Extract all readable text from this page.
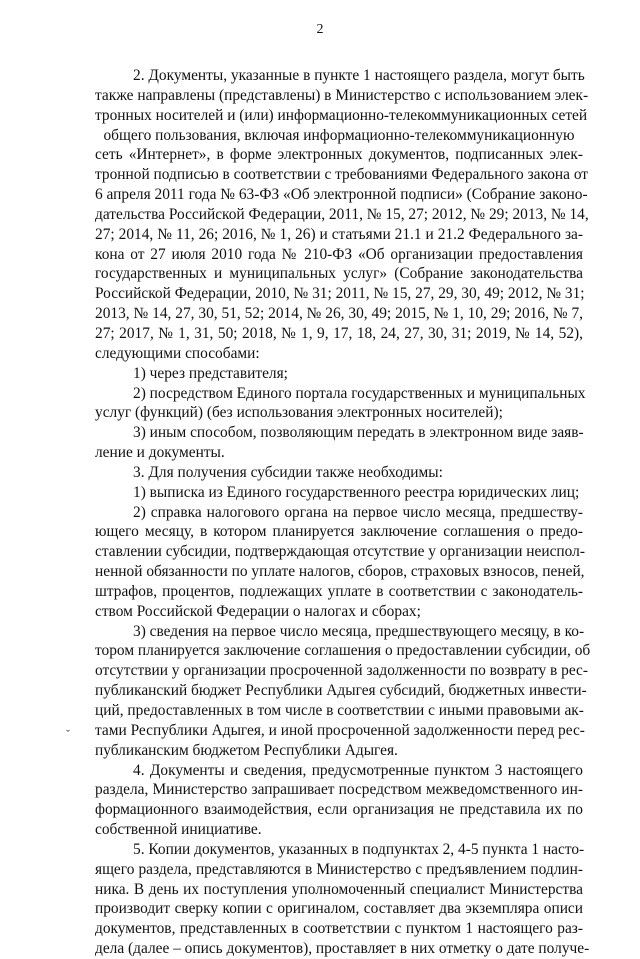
2
ˇ
2. Документы, указанные в пункте 1 настоящего раздела, могут быть
также направлены (представлены) в Министерство с использованием элек-
тронных носителей и (или) информационно-телекоммуникационных сетей
общего пользования, включая информационно-телекоммуникационную
сеть «Интернет», в форме электронных документов, подписанных элек-
тронной подписью в соответствии с требованиями Федерального закона от
6 апреля 2011 года № 63-ФЗ «Об электронной подписи» (Собрание законо-
дательства Российской Федерации, 2011, № 15, 27; 2012, № 29; 2013, № 14,
27; 2014, № 11, 26; 2016, № 1, 26) и статьями 21.1 и 21.2 Федерального за-
кона от 27 июля 2010 года № 210-ФЗ «Об организации предоставления
государственных и муниципальных услуг» (Собрание законодательства
Российской Федерации, 2010, № 31; 2011, № 15, 27, 29, 30, 49; 2012, № 31;
2013, № 14, 27, 30, 51, 52; 2014, № 26, 30, 49; 2015, № 1, 10, 29; 2016, № 7,
27; 2017, № 1, 31, 50; 2018, № 1, 9, 17, 18, 24, 27, 30, 31; 2019, № 14, 52),
следующими способами:
1) через представителя;
2) посредством Единого портала государственных и муниципальных
услуг (функций) (без использования электронных носителей);
3) иным способом, позволяющим передать в электронном виде заяв-
ление и документы.
3. Для получения субсидии также необходимы:
1) выписка из Единого государственного реестра юридических лиц;
2) справка налогового органа на первое число месяца, предшеству-
ющего месяцу, в котором планируется заключение соглашения о предо-
ставлении субсидии, подтверждающая отсутствие у организации неиспол-
ненной обязанности по уплате налогов, сборов, страховых взносов, пеней,
штрафов, процентов, подлежащих уплате в соответствии с законодатель-
ством Российской Федерации о налогах и сборах;
3) сведения на первое число месяца, предшествующего месяцу, в ко-
тором планируется заключение соглашения о предоставлении субсидии, об
отсутствии у организации просроченной задолженности по возврату в рес-
публиканский бюджет Республики Адыгея субсидий, бюджетных инвести-
ций, предоставленных в том числе в соответствии с иными правовыми ак-
тами Республики Адыгея, и иной просроченной задолженности перед рес-
публиканским бюджетом Республики Адыгея.
4. Документы и сведения, предусмотренные пунктом 3 настоящего
раздела, Министерство запрашивает посредством межведомственного ин-
формационного взаимодействия, если организация не представила их по
собственной инициативе.
5. Копии документов, указанных в подпунктах 2, 4-5 пункта 1 насто-
ящего раздела, представляются в Министерство с предъявлением подлин-
ника. В день их поступления уполномоченный специалист Министерства
производит сверку копии с оригиналом, составляет два экземпляра описи
документов, представленных в соответствии с пунктом 1 настоящего раз-
дела (далее – опись документов), проставляет в них отметку о дате получе-
